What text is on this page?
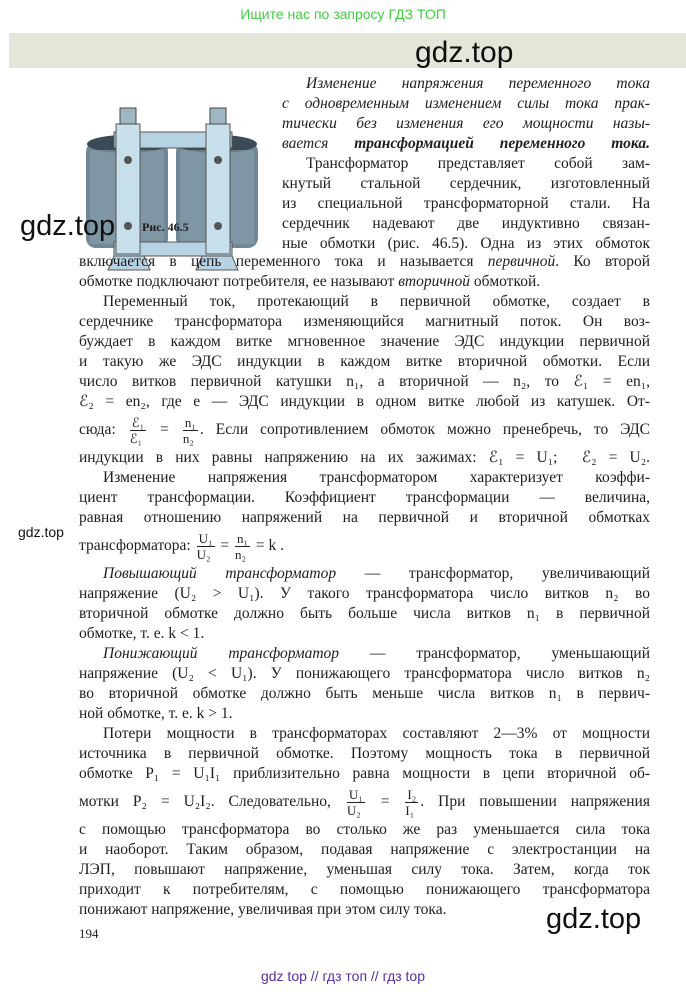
Ищите нас по запросу ГДЗ ТОП
gdz.top
Рис. 46.5
gdz.top
gdz.top
Изменение напряжения переменного тока
с одновременным изменением силы тока прак-
тически без изменения его мощности назы-
вается трансформацией переменного тока.
Трансформатор представляет собой зам-
кнутый стальной сердечник, изготовленный
из специальной трансформаторной стали. На
сердечник надевают две индуктивно связан-
ные обмотки (рис. 46.5). Одна из этих обмоток
включается в цепь переменного тока и называется первичной. Ко второй
обмотке подключают потребителя, ее называют вторичной обмоткой.
Переменный ток, протекающий в первичной обмотке, создает в
сердечнике трансформатора изменяющийся магнитный поток. Он воз-
буждает в каждом витке мгновенное значение ЭДС индукции первичной
и такую же ЭДС индукции в каждом витке вторичной обмотки. Если
число витков первичной катушки n₁, а вторичной — n₂, то ℰ₁ = en₁,
ℰ₂ = en₂, где e — ЭДС индукции в одном витке любой из катушек. От-
сюда: $\frac{\text{ℰ₁}}{\text{ℰ₁}} = \frac{\text{n₁}}{\text{n₂}}$ . Если сопротивлением обмоток можно пренебречь, то ЭДС
индукции в них равны напряжению на их зажимах: ℰ₁ = U₁;  ℰ₂ = U₂.
Изменение напряжения трансформатором характеризует коэффи-
циент трансформации. Коэффициент трансформации — величина,
равная отношению напряжений на первичной и вторичной обмотках
трансформатора: $\frac{\text{U₁}}{\text{U₂}} = \frac{\text{n₁}}{\text{n₂}} = k$ .
Повышающий трансформатор — трансформатор, увеличивающий
напряжение (U₂ > U₁). У такого трансформатора число витков n₂ во
вторичной обмотке должно быть больше числа витков n₁ в первичной
обмотке, т. е. k < 1.
Понижающий трансформатор — трансформатор, уменьшающий
напряжение (U₂ < U₁). У понижающего трансформатора число витков n₂
во вторичной обмотке должно быть меньше числа витков n₁ в первич-
ной обмотке, т. е. k > 1.
Потери мощности в трансформаторах составляют 2—3% от мощности
источника в первичной обмотке. Поэтому мощность тока в первичной
обмотке P₁ = U₁I₁ приблизительно равна мощности в цепи вторичной об-
мотки P₂ = U₂I₂. Следовательно, $\frac{\text{U₁}}{\text{U₂}} = \frac{\text{I₂}}{\text{I₁}}$ . При повышении напряжения
с помощью трансформатора во столько же раз уменьшается сила тока
и наоборот. Таким образом, подавая напряжение с электростанции на
ЛЭП, повышают напряжение, уменьшая силу тока. Затем, когда ток
приходит к потребителям, с помощью понижающего трансформатора
понижают напряжение, увеличивая при этом силу тока.
194	gdz.top
gdz top // гдз топ // гдз top
